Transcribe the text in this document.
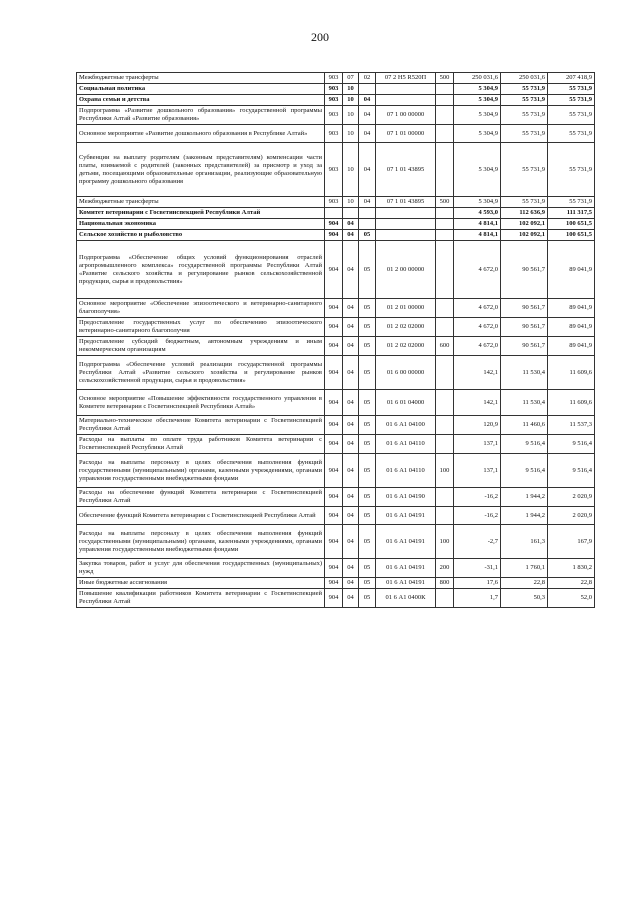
200
Межбюджетные трансферты	903	07	02	07 2 Н5 R520П	500	250 031,6	250 031,6	207 418,9
Социальная политика	903	10				5 304,9	55 731,9	55 731,9
Охрана семьи и детства	903	10	04			5 304,9	55 731,9	55 731,9
Подпрограмма «Развитие дошкольного образования» государственной программы Республики Алтай «Развитие образования»	903	10	04	07 1 00 00000		5 304,9	55 731,9	55 731,9
Основное мероприятие «Развитие дошкольного образования в Республике Алтай»	903	10	04	07 1 01 00000		5 304,9	55 731,9	55 731,9
Субвенции на выплату родителям (законным представителям) компенсации части платы, взимаемой с родителей (законных представителей) за присмотр и уход за детьми, посещающими образовательные организации, реализующие образовательную программу дошкольного образования	903	10	04	07 1 01 43895		5 304,9	55 731,9	55 731,9
Межбюджетные трансферты	903	10	04	07 1 01 43895	500	5 304,9	55 731,9	55 731,9
Комитет ветеринарии с Госветинспекцией Республики Алтай						4 593,0	112 636,9	111 317,5
Национальная экономика	904	04				4 814,1	102 092,1	100 651,5
Сельское хозяйство и рыболовство	904	04	05			4 814,1	102 092,1	100 651,5
Подпрограмма «Обеспечение общих условий функционирования отраслей агропромышленного комплекса» государственной программы Республики Алтай «Развитие сельского хозяйства и регулирование рынков сельскохозяйственной продукции, сырья и продовольствия»	904	04	05	01 2 00 00000		4 672,0	90 561,7	89 041,9
Основное мероприятие «Обеспечение эпизоотического и ветеринарно-санитарного благополучия»	904	04	05	01 2 01 00000		4 672,0	90 561,7	89 041,9
Предоставление государственных услуг по обеспечению эпизоотического ветеринарно-санитарного благополучия	904	04	05	01 2 02 02000		4 672,0	90 561,7	89 041,9
Предоставление субсидий бюджетным, автономным учреждениям и иным некоммерческим организациям	904	04	05	01 2 02 02000	600	4 672,0	90 561,7	89 041,9
Подпрограмма «Обеспечение условий реализации государственной программы Республики Алтай «Развитие сельского хозяйства и регулирование рынков сельскохозяйственной продукции, сырья и продовольствия»	904	04	05	01 6 00 00000		142,1	11 530,4	11 609,6
Основное мероприятие «Повышение эффективности государственного управления в Комитете ветеринарии с Госветинспекцией Республики Алтай»	904	04	05	01 6 01 04000		142,1	11 530,4	11 609,6
Материально-техническое обеспечение Комитета ветеринарии с Госветинспекцией Республики Алтай	904	04	05	01 6 А1 04100		120,9	11 460,6	11 537,3
Расходы на выплаты по оплате труда работников Комитета ветеринарии с Госветинспекцией Республики Алтай	904	04	05	01 6 А1 04110		137,1	9 516,4	9 516,4
Расходы на выплаты персоналу в целях обеспечения выполнения функций государственными (муниципальными) органами, казенными учреждениями, органами управления государственными внебюджетными фондами	904	04	05	01 6 А1 04110	100	137,1	9 516,4	9 516,4
Расходы на обеспечение функций Комитета ветеринарии с Госветинспекцией Республики Алтай	904	04	05	01 6 А1 04190		-16,2	1 944,2	2 020,9
Обеспечение функций Комитета ветеринарии с Госветинспекцией Республики Алтай	904	04	05	01 6 А1 04191		-16,2	1 944,2	2 020,9
Расходы на выплаты персоналу в целях обеспечения выполнения функций государственными (муниципальными) органами, казенными учреждениями, органами управления государственными внебюджетными фондами	904	04	05	01 6 А1 04191	100	-2,7	161,3	167,9
Закупка товаров, работ и услуг для обеспечения государственных (муниципальных) нужд	904	04	05	01 6 А1 04191	200	-31,1	1 760,1	1 830,2
Иные бюджетные ассигнования	904	04	05	01 6 А1 04191	800	17,6	22,8	22,8
Повышение квалификации работников Комитета ветеринарии с Госветинспекцией Республики Алтай	904	04	05	01 6 А1 0400К		1,7	50,3	52,0
